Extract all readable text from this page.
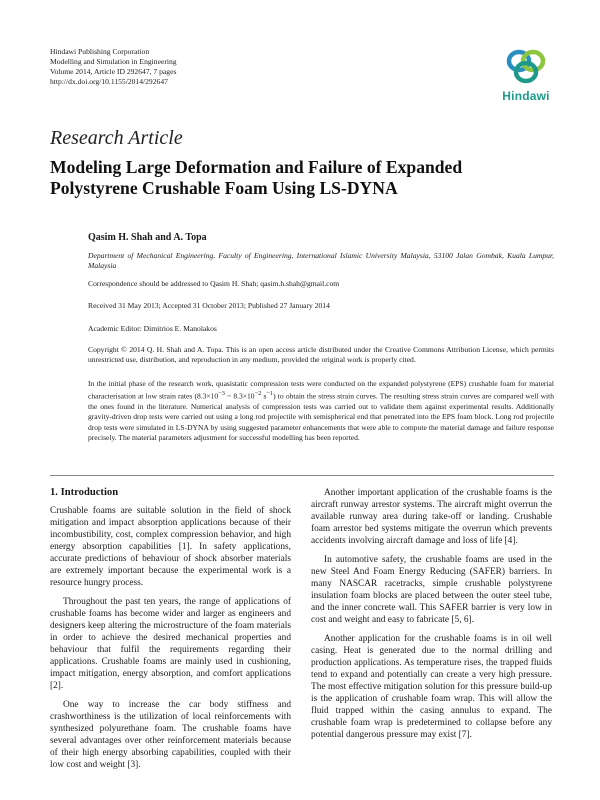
Hindawi Publishing Corporation
Modelling and Simulation in Engineering
Volume 2014, Article ID 292647, 7 pages
http://dx.doi.org/10.1155/2014/292647
Hindawi
Research Article
Modeling Large Deformation and Failure of Expanded Polystyrene Crushable Foam Using LS-DYNA
Qasim H. Shah and A. Topa
Department of Mechanical Engineering, Faculty of Engineering, International Islamic University Malaysia, 53100 Jalan Gombak, Kuala Lumpur, Malaysia
Correspondence should be addressed to Qasim H. Shah; qasim.h.shah@gmail.com
Received 31 May 2013; Accepted 31 October 2013; Published 27 January 2014
Academic Editor: Dimitrios E. Manolakos
Copyright © 2014 Q. H. Shah and A. Topa. This is an open access article distributed under the Creative Commons Attribution License, which permits unrestricted use, distribution, and reproduction in any medium, provided the original work is properly cited.
In the initial phase of the research work, quasistatic compression tests were conducted on the expanded polystyrene (EPS) crushable foam for material characterisation at low strain rates ($8.3\times 10^{-3}$ ~ $8.3\times 10^{-2}$ $s^{-1}$) to obtain the stress strain curves. The resulting stress strain curves are compared well with the ones found in the literature. Numerical analysis of compression tests was carried out to validate them against experimental results. Additionally gravity-driven drop tests were carried out using a long rod projectile with semispherical end that penetrated into the EPS foam block. Long rod projectile drop tests were simulated in LS-DYNA by using suggested parameter enhancements that were able to compute the material damage and failure response precisely. The material parameters adjustment for successful modelling has been reported.
1. Introduction

Crushable foams are suitable solution in the field of shock mitigation and impact absorption applications because of their incombustibility, cost, complex compression behavior, and high energy absorption capabilities [1]. In safety applications, accurate predictions of behaviour of shock absorber materials are extremely important because the experimental work is a resource hungry process.

Throughout the past ten years, the range of applications of crushable foams has become wider and larger as engineers and designers keep altering the microstructure of the foam materials in order to achieve the desired mechanical properties and behaviour that fulfil the requirements regarding their applications. Crushable foams are mainly used in cushioning, impact mitigation, energy absorption, and comfort applications [2].

One way to increase the car body stiffness and crashworthiness is the utilization of local reinforcements with synthesized polyurethane foam. The crushable foams have several advantages over other reinforcement materials because of their high energy absorbing capabilities, coupled with their low cost and weight [3].

Another important application of the crushable foams is the aircraft runway arrestor systems. The aircraft might overrun the available runway area during take-off or landing. Crushable foam arrestor bed systems mitigate the overrun which prevents accidents involving aircraft damage and loss of life [4].

In automotive safety, the crushable foams are used in the new Steel And Foam Energy Reducing (SAFER) barriers. In many NASCAR racetracks, simple crushable polystyrene insulation foam blocks are placed between the outer steel tube, and the inner concrete wall. This SAFER barrier is very low in cost and weight and easy to fabricate [5, 6].

Another application for the crushable foams is in oil well casing. Heat is generated due to the normal drilling and production applications. As temperature rises, the trapped fluids tend to expand and potentially can create a very high pressure. The most effective mitigation solution for this pressure build-up is the application of crushable foam wrap. This will allow the fluid trapped within the casing annulus to expand. The crushable foam wrap is predetermined to collapse before any potential dangerous pressure may exist [7].
